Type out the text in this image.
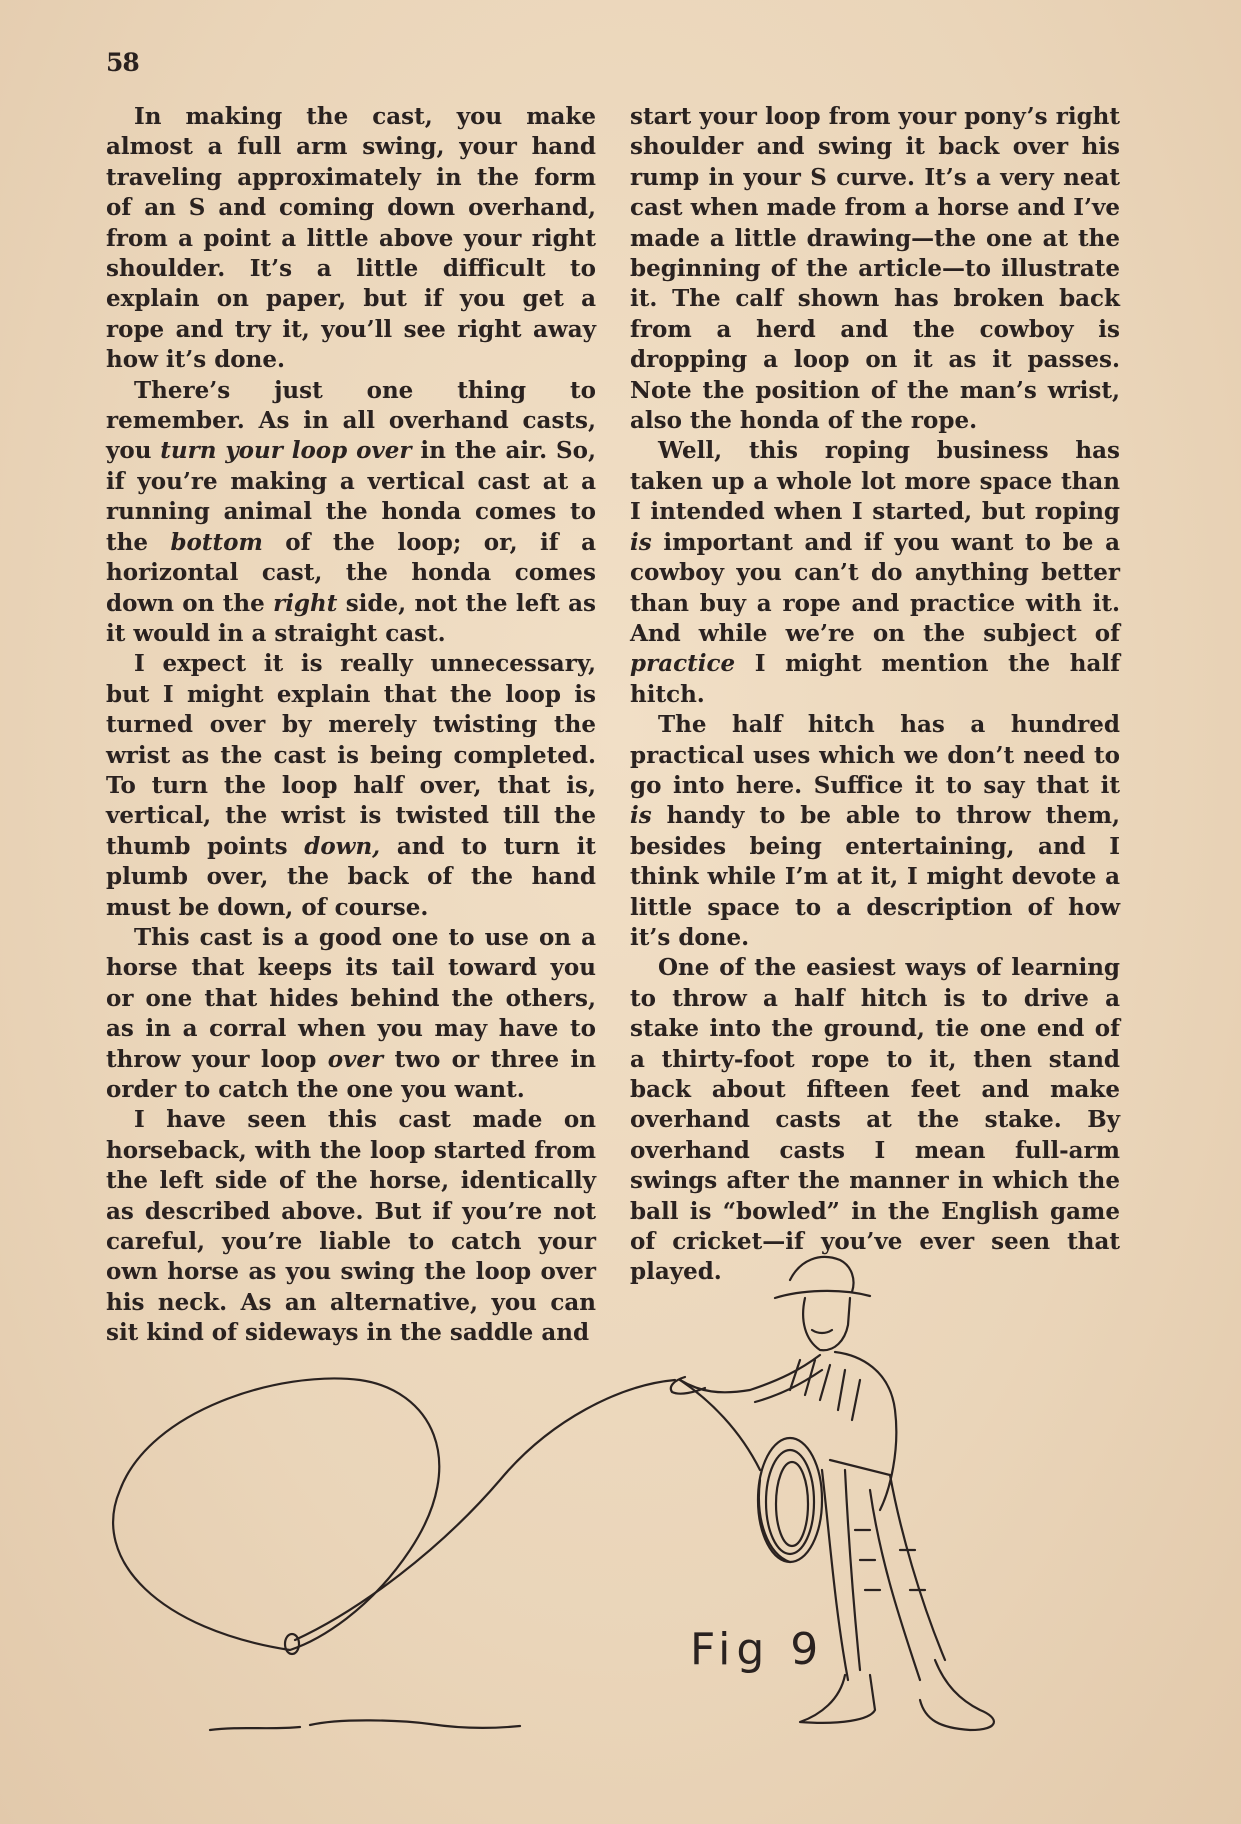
58

In making the cast, you make almost a full arm swing, your hand traveling approximately in the form of an S and coming down overhand, from a point a little above your right shoulder. It’s a little difficult to explain on paper, but if you get a rope and try it, you’ll see right away how it’s done.

There’s just one thing to remember. As in all overhand casts, you turn your loop over in the air. So, if you’re making a vertical cast at a running animal the honda comes to the bottom of the loop; or, if a horizontal cast, the honda comes down on the right side, not the left as it would in a straight cast.

I expect it is really unnecessary, but I might explain that the loop is turned over by merely twisting the wrist as the cast is being completed. To turn the loop half over, that is, vertical, the wrist is twisted till the thumb points down, and to turn it plumb over, the back of the hand must be down, of course.

This cast is a good one to use on a horse that keeps its tail toward you or one that hides behind the others, as in a corral when you may have to throw your loop over two or three in order to catch the one you want.

I have seen this cast made on horseback, with the loop started from the left side of the horse, identically as described above. But if you’re not careful, you’re liable to catch your own horse as you swing the loop over his neck. As an alternative, you can sit kind of sideways in the saddle and

start your loop from your pony’s right shoulder and swing it back over his rump in your S curve. It’s a very neat cast when made from a horse and I’ve made a little drawing—the one at the beginning of the article—to illustrate it. The calf shown has broken back from a herd and the cowboy is dropping a loop on it as it passes. Note the position of the man’s wrist, also the honda of the rope.

Well, this roping business has taken up a whole lot more space than I intended when I started, but roping is important and if you want to be a cowboy you can’t do anything better than buy a rope and practice with it. And while we’re on the subject of practice I might mention the half hitch.

The half hitch has a hundred practical uses which we don’t need to go into here. Suffice it to say that it is handy to be able to throw them, besides being entertaining, and I think while I’m at it, I might devote a little space to a description of how it’s done.

One of the easiest ways of learning to throw a half hitch is to drive a stake into the ground, tie one end of a thirty-foot rope to it, then stand back about fifteen feet and make overhand casts at the stake. By overhand casts I mean full-arm swings after the manner in which the ball is “bowled” in the English game of cricket—if you’ve ever seen that played.

Fig 9
